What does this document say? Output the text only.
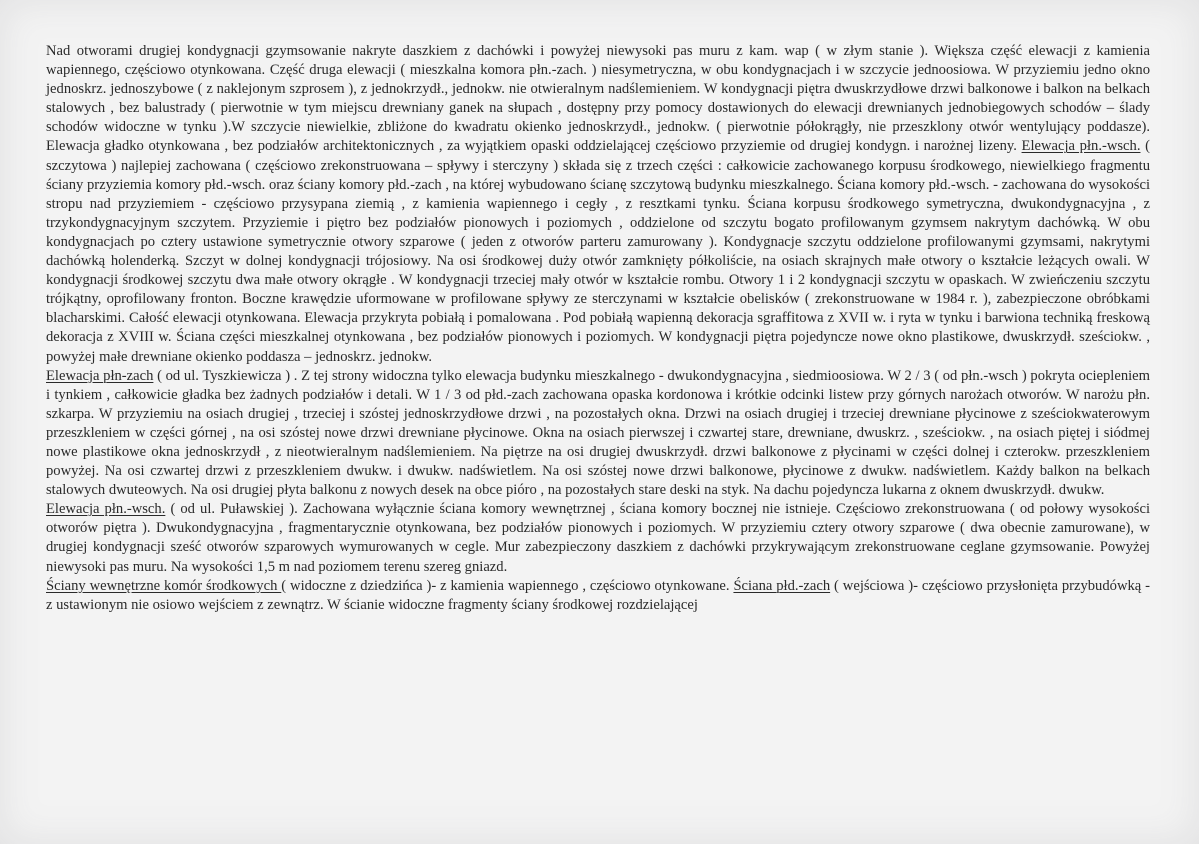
Nad otworami drugiej kondygnacji gzymsowanie nakryte daszkiem z dachówki i powyżej niewysoki pas muru z kam. wap ( w złym stanie ). Większa część elewacji z kamienia wapiennego, częściowo otynkowana. Część druga elewacji ( mieszkalna komora płn.-zach. ) niesymetryczna, w obu kondygnacjach i w szczycie jednoosiowa. W przyziemiu jedno okno jednoskrz. jednoszybowe ( z naklejonym szprosem ), z jednokrzydł., jednokw. nie otwieralnym nadślemieniem. W kondygnacji piętra dwuskrzydłowe drzwi balkonowe i balkon na belkach stalowych , bez balustrady ( pierwotnie w tym miejscu drewniany ganek na słupach , dostępny przy pomocy dostawionych do elewacji drewnianych jednobiegowych schodów – ślady schodów widoczne w tynku ).W szczycie niewielkie, zbliżone do kwadratu okienko jednoskrzydł., jednokw. ( pierwotnie półokrągły, nie przeszklony otwór wentylujący poddasze). Elewacja gładko otynkowana , bez podziałów architektonicznych , za wyjątkiem opaski oddzielającej częściowo przyziemie od drugiej kondygn. i narożnej lizeny. Elewacja płn.-wsch. ( szczytowa ) najlepiej zachowana ( częściowo zrekonstruowana – spływy i sterczyny ) składa się z trzech części : całkowicie zachowanego korpusu środkowego, niewielkiego fragmentu ściany przyziemia komory płd.-wsch. oraz ściany komory płd.-zach , na której wybudowano ścianę szczytową budynku mieszkalnego. Ściana komory płd.-wsch. - zachowana do wysokości stropu nad przyziemiem - częściowo przysypana ziemią , z kamienia wapiennego i cegły , z resztkami tynku. Ściana korpusu środkowego symetryczna, dwukondygnacyjna , z trzykondygnacyjnym szczytem. Przyziemie i piętro bez podziałów pionowych i poziomych , oddzielone od szczytu bogato profilowanym gzymsem nakrytym dachówką. W obu kondygnacjach po cztery ustawione symetrycznie otwory szparowe ( jeden z otworów parteru zamurowany ). Kondygnacje szczytu oddzielone profilowanymi gzymsami, nakrytymi dachówką holenderką. Szczyt w dolnej kondygnacji trójosiowy. Na osi środkowej duży otwór zamknięty półkoliście, na osiach skrajnych małe otwory o kształcie leżących owali. W kondygnacji środkowej szczytu dwa małe otwory okrągłe . W kondygnacji trzeciej mały otwór w kształcie rombu. Otwory 1 i 2 kondygnacji szczytu w opaskach. W zwieńczeniu szczytu trójkątny, oprofilowany fronton. Boczne krawędzie uformowane w profilowane spływy ze sterczynami w kształcie obelisków ( zrekonstruowane w 1984 r. ), zabezpieczone obróbkami blacharskimi. Całość elewacji otynkowana. Elewacja przykryta pobiałą i pomalowana . Pod pobiałą wapienną dekoracja sgraffitowa z XVII w. i ryta w tynku i barwiona techniką freskową dekoracja z XVIII w. Ściana części mieszkalnej otynkowana , bez podziałów pionowych i poziomych. W kondygnacji piętra pojedyncze nowe okno plastikowe, dwuskrzydł. sześciokw. , powyżej małe drewniane okienko poddasza – jednoskrz. jednokw.

Elewacja płn-zach ( od ul. Tyszkiewicza ) . Z tej strony widoczna tylko elewacja budynku mieszkalnego - dwukondygnacyjna , siedmioosiowa. W 2 / 3 ( od płn.-wsch ) pokryta ociepleniem i tynkiem , całkowicie gładka bez żadnych podziałów i detali. W 1 / 3 od płd.-zach zachowana opaska kordonowa i krótkie odcinki listew przy górnych narożach otworów. W narożu płn. szkarpa. W przyziemiu na osiach drugiej , trzeciej i szóstej jednoskrzydłowe drzwi , na pozostałych okna. Drzwi na osiach drugiej i trzeciej drewniane płycinowe z sześciokwaterowym przeszkleniem w części górnej , na osi szóstej nowe drzwi drewniane płycinowe. Okna na osiach pierwszej i czwartej stare, drewniane, dwuskrz. , sześciokw. , na osiach piętej i siódmej nowe plastikowe okna jednoskrzydł , z nieotwieralnym nadślemieniem. Na piętrze na osi drugiej dwuskrzydł. drzwi balkonowe z płycinami w części dolnej i czterokw. przeszkleniem powyżej. Na osi czwartej drzwi z przeszkleniem dwukw. i dwukw. nadświetlem. Na osi szóstej nowe drzwi balkonowe, płycinowe z dwukw. nadświetlem. Każdy balkon na belkach stalowych dwuteowych. Na osi drugiej płyta balkonu z nowych desek na obce pióro , na pozostałych stare deski na styk. Na dachu pojedyncza lukarna z oknem dwuskrzydł. dwukw.

Elewacja płn.-wsch. ( od ul. Puławskiej ). Zachowana wyłącznie ściana komory wewnętrznej , ściana komory bocznej nie istnieje. Częściowo zrekonstruowana ( od połowy wysokości otworów piętra ). Dwukondygnacyjna , fragmentarycznie otynkowana, bez podziałów pionowych i poziomych. W przyziemiu cztery otwory szparowe ( dwa obecnie zamurowane), w drugiej kondygnacji sześć otworów szparowych wymurowanych w cegle. Mur zabezpieczony daszkiem z dachówki przykrywającym zrekonstruowane ceglane gzymsowanie. Powyżej niewysoki pas muru. Na wysokości 1,5 m nad poziomem terenu szereg gniazd.

Ściany wewnętrzne komór środkowych ( widoczne z dziedzińca )- z kamienia wapiennego , częściowo otynkowane. Ściana płd.-zach ( wejściowa )- częściowo przysłonięta przybudówką - z ustawionym nie osiowo wejściem z zewnątrz. W ścianie widoczne fragmenty ściany środkowej rozdzielającej
